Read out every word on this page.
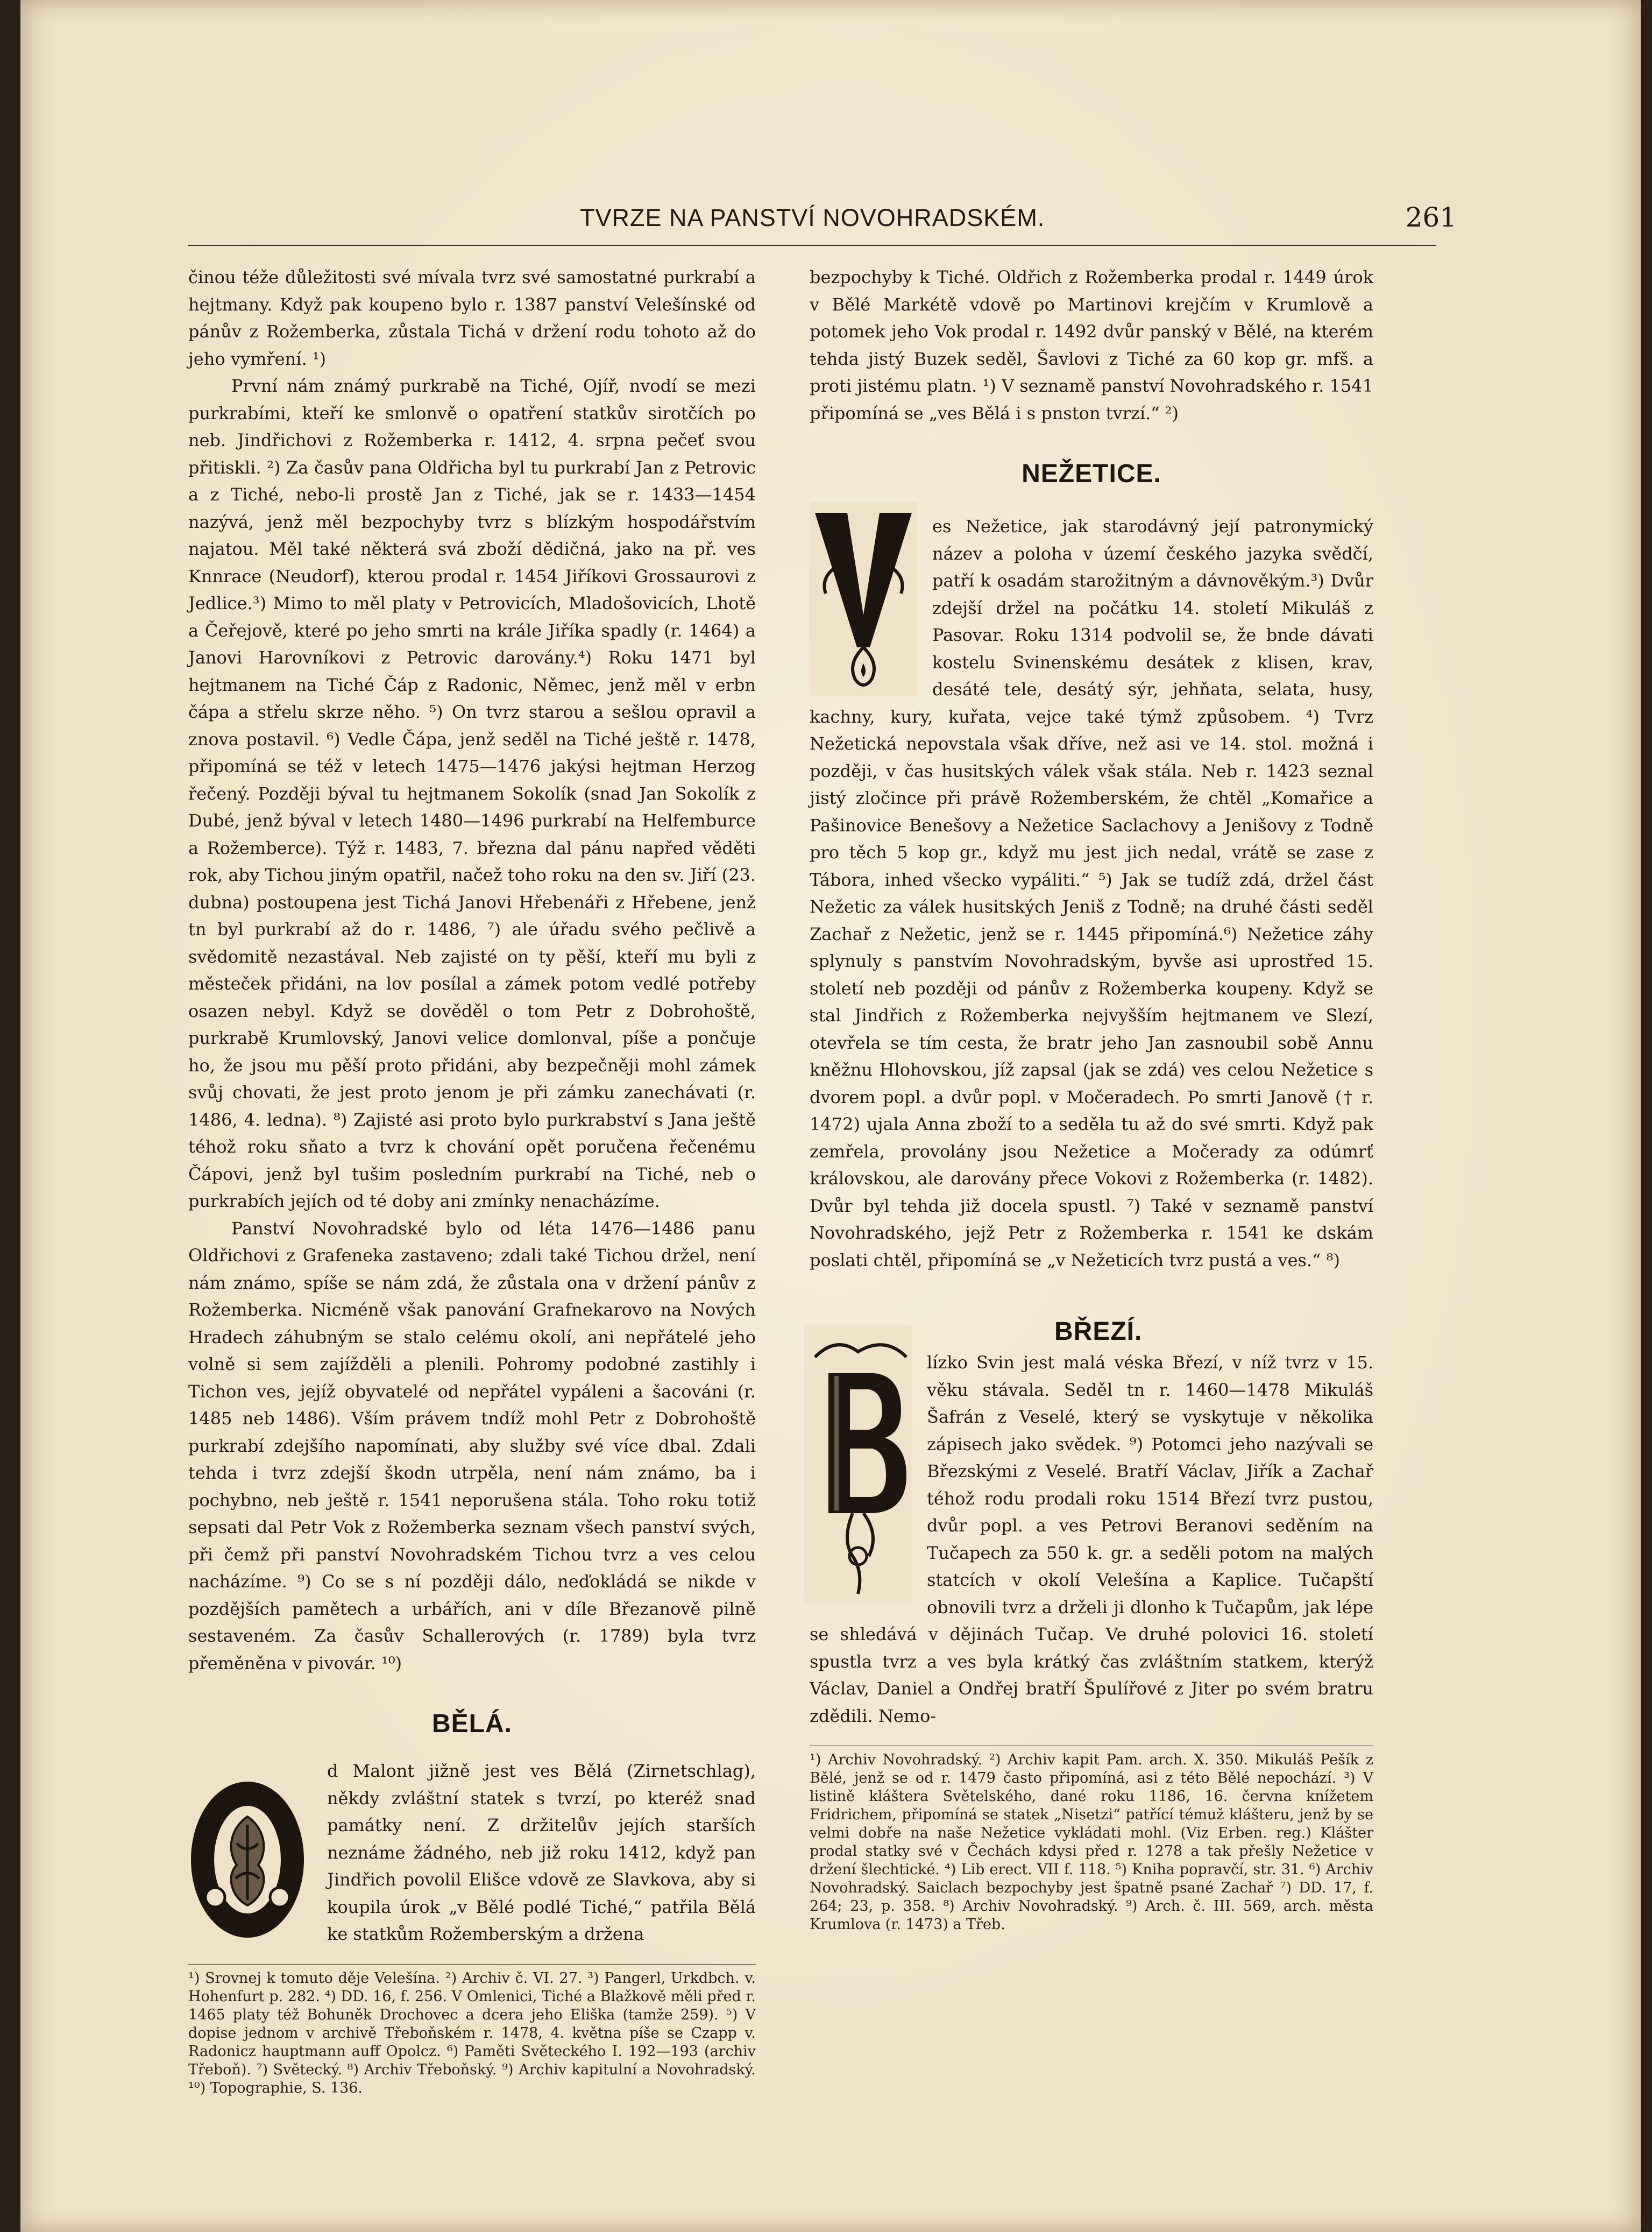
TVRZE NA PANSTVÍ NOVOHRADSKÉM.	261

činou téže důležitosti své mívala tvrz své samostatné purkrabí a hejtmany. Když pak koupeno bylo r. 1387 panství Velešínské od pánův z Rožemberka, zůstala Tichá v držení rodu tohoto až do jeho vymření. ¹)

První nám známý purkrabě na Tiché, Ojíř, nvodí se mezi purkrabími, kteří ke smlonvě o opatření statkův sirotčích po neb. Jindřichovi z Rožemberka r. 1412, 4. srpna pečeť svou přitiskli. ²) Za časův pana Oldřicha byl tu purkrabí Jan z Petrovic a z Tiché, nebo-li prostě Jan z Tiché, jak se r. 1433—1454 nazývá, jenž měl bezpochyby tvrz s blízkým hospodářstvím najatou. Měl také některá svá zboží dědičná, jako na př. ves Knnrace (Neudorf), kterou prodal r. 1454 Jiříkovi Grossaurovi z Jedlice.³) Mimo to měl platy v Petrovicích, Mladošovicích, Lhotě a Čeřejově, které po jeho smrti na krále Jiříka spadly (r. 1464) a Janovi Harovníkovi z Petrovic darovány.⁴) Roku 1471 byl hejtmanem na Tiché Čáp z Radonic, Němec, jenž měl v erbn čápa a střelu skrze něho. ⁵) On tvrz starou a sešlou opravil a znova postavil. ⁶) Vedle Čápa, jenž seděl na Tiché ještě r. 1478, připomíná se též v letech 1475—1476 jakýsi hejtman Herzog řečený. Později býval tu hejtmanem Sokolík (snad Jan Sokolík z Dubé, jenž býval v letech 1480—1496 purkrabí na Helfemburce a Rožemberce). Týž r. 1483, 7. března dal pánu napřed věděti rok, aby Tichou jiným opatřil, načež toho roku na den sv. Jiří (23. dubna) postoupena jest Tichá Janovi Hřebenáři z Hřebene, jenž tn byl purkrabí až do r. 1486, ⁷) ale úřadu svého pečlivě a svědomitě nezastával. Neb zajisté on ty pěší, kteří mu byli z městeček přidáni, na lov posílal a zámek potom vedlé potřeby osazen nebyl. Když se dověděl o tom Petr z Dobrohoště, purkrabě Krumlovský, Janovi velice domlonval, píše a pončuje ho, že jsou mu pěší proto přidáni, aby bezpečněji mohl zámek svůj chovati, že jest proto jenom je při zámku zanechávati (r. 1486, 4. ledna). ⁸) Zajisté asi proto bylo purkrabství s Jana ještě téhož roku sňato a tvrz k chování opět poručena řečenému Čápovi, jenž byl tušim posledním purkrabí na Tiché, neb o purkrabích jejích od té doby ani zmínky nenacházíme.

Panství Novohradské bylo od léta 1476—1486 panu Oldřichovi z Grafeneka zastaveno; zdali také Tichou držel, není nám známo, spíše se nám zdá, že zůstala ona v držení pánův z Rožemberka. Nicméně však panování Grafnekarovo na Nových Hradech záhubným se stalo celému okolí, ani nepřátelé jeho volně si sem zajížděli a plenili. Pohromy podobné zastihly i Tichon ves, jejíž obyvatelé od nepřátel vypáleni a šacováni (r. 1485 neb 1486). Vším právem tndíž mohl Petr z Dobrohoště purkrabí zdejšího napomínati, aby služby své více dbal. Zdali tehda i tvrz zdejší škodn utrpěla, není nám známo, ba i pochybno, neb ještě r. 1541 neporušena stála. Toho roku totiž sepsati dal Petr Vok z Rožemberka seznam všech panství svých, při čemž při panství Novohradském Tichou tvrz a ves celou nacházíme. ⁹) Co se s ní později dálo, neďokládá se nikde v pozdějších pamětech a urbářích, ani v díle Březanově pilně sestaveném. Za časův Schallerových (r. 1789) byla tvrz přeměněna v pivovár. ¹⁰)

BĚLÁ.
d Malont jižně jest ves Bělá (Zirnetschlag), někdy zvláštní statek s tvrzí, po kteréž snad památky není. Z držitelův jejích starších neznáme žádného, neb již roku 1412, když pan Jindřich povolil Elišce vdově ze Slavkova, aby si koupila úrok „v Bělé podlé Tiché,“ patřila Bělá ke statkům Rožemberským a držena
¹) Srovnej k tomuto děje Velešína. ²) Archiv č. VI. 27. ³) Pangerl, Urkdbch. v. Hohenfurt p. 282. ⁴) DD. 16, f. 256. V Omlenici, Tiché a Blažkově měli před r. 1465 platy též Bohuněk Drochovec a dcera jeho Eliška (tamže 259). ⁵) V dopise jednom v archivě Třeboňském r. 1478, 4. května píše se Czapp v. Radonicz hauptmann auff Opolcz. ⁶) Paměti Světeckého I. 192—193 (archiv Třeboň). ⁷) Světecký. ⁸) Archiv Třeboňský. ⁹) Archiv kapitulní a Novohradský. ¹⁰) Topographie, S. 136.

bezpochyby k Tiché. Oldřich z Rožemberka prodal r. 1449 úrok v Bělé Markétě vdově po Martinovi krejčím v Krumlově a potomek jeho Vok prodal r. 1492 dvůr panský v Bělé, na kterém tehda jistý Buzek seděl, Šavlovi z Tiché za 60 kop gr. mfš. a proti jistému platn. ¹) V seznamě panství Novohradského r. 1541 připomíná se „ves Bělá i s pnston tvrzí.“ ²)

NEŽETICE.
es Nežetice, jak starodávný její patronymický název a poloha v území českého jazyka svědčí, patří k osadám starožitným a dávnověkým.³) Dvůr zdejší držel na počátku 14. století Mikuláš z Pasovar. Roku 1314 podvolil se, že bnde dávati kostelu Svinenskému desátek z klisen, krav, desáté tele, desátý sýr, jehňata, selata, husy, kachny, kury, kuřata, vejce také týmž způsobem. ⁴) Tvrz Nežetická nepovstala však dříve, než asi ve 14. stol. možná i později, v čas husitských válek však stála. Neb r. 1423 seznal jistý zločince při právě Rožemberském, že chtěl „Komařice a Pašinovice Benešovy a Nežetice Saclachovy a Jenišovy z Todně pro těch 5 kop gr., když mu jest jich nedal, vrátě se zase z Tábora, inhed všecko vypáliti.“ ⁵) Jak se tudíž zdá, držel část Nežetic za válek husitských Jeniš z Todně; na druhé části seděl Zachař z Nežetic, jenž se r. 1445 připomíná.⁶) Nežetice záhy splynuly s panstvím Novohradským, byvše asi uprostřed 15. století neb později od pánův z Rožemberka koupeny. Když se stal Jindřich z Rožemberka nejvyšším hejtmanem ve Slezí, otevřela se tím cesta, že bratr jeho Jan zasnoubil sobě Annu kněžnu Hlohovskou, jíž zapsal (jak se zdá) ves celou Nežetice s dvorem popl. a dvůr popl. v Močeradech. Po smrti Janově († r. 1472) ujala Anna zboží to a seděla tu až do své smrti. Když pak zemřela, provolány jsou Nežetice a Močerady za odúmrť královskou, ale darovány přece Vokovi z Rožemberka (r. 1482). Dvůr byl tehda již docela spustl. ⁷) Také v seznamě panství Novohradského, jejž Petr z Rožemberka r. 1541 ke dskám poslati chtěl, připomíná se „v Nežeticích tvrz pustá a ves.“ ⁸)
BŘEZÍ.
lízko Svin jest malá véska Březí, v níž tvrz v 15. věku stávala. Seděl tn r. 1460—1478 Mikuláš Šafrán z Veselé, který se vyskytuje v několika zápisech jako svědek. ⁹) Potomci jeho nazývali se Březskými z Veselé. Bratří Václav, Jiřík a Zachař téhož rodu prodali roku 1514 Březí tvrz pustou, dvůr popl. a ves Petrovi Beranovi seděním na Tučapech za 550 k. gr. a seděli potom na malých statcích v okolí Velešína a Kaplice. Tučapští obnovili tvrz a drželi ji dlonho k Tučapům, jak lépe se shledává v dějinách Tučap. Ve druhé polovici 16. století spustla tvrz a ves byla krátký čas zvláštním statkem, kterýž Václav, Daniel a Ondřej bratří Špulířové z Jiter po svém bratru zdědili. Nemo-
¹) Archiv Novohradský. ²) Archiv kapit Pam. arch. X. 350. Mikuláš Pešík z Bělé, jenž se od r. 1479 často připomíná, asi z této Bělé nepochází. ³) V listině kláštera Světelského, dané roku 1186, 16. června knížetem Fridrichem, připomíná se statek „Nisetzi“ patřící témuž klášteru, jenž by se velmi dobře na naše Nežetice vykládati mohl. (Viz Erben. reg.) Klášter prodal statky své v Čechách kdysi před r. 1278 a tak přešly Nežetice v držení šlechtické. ⁴) Lib erect. VII f. 118. ⁵) Kniha popravčí, str. 31. ⁶) Archiv Novohradský. Saiclach bezpochyby jest špatně psané Zachař ⁷) DD. 17, f. 264; 23, p. 358. ⁸) Archiv Novohradský. ⁹) Arch. č. III. 569, arch. města Krumlova (r. 1473) a Třeb.
